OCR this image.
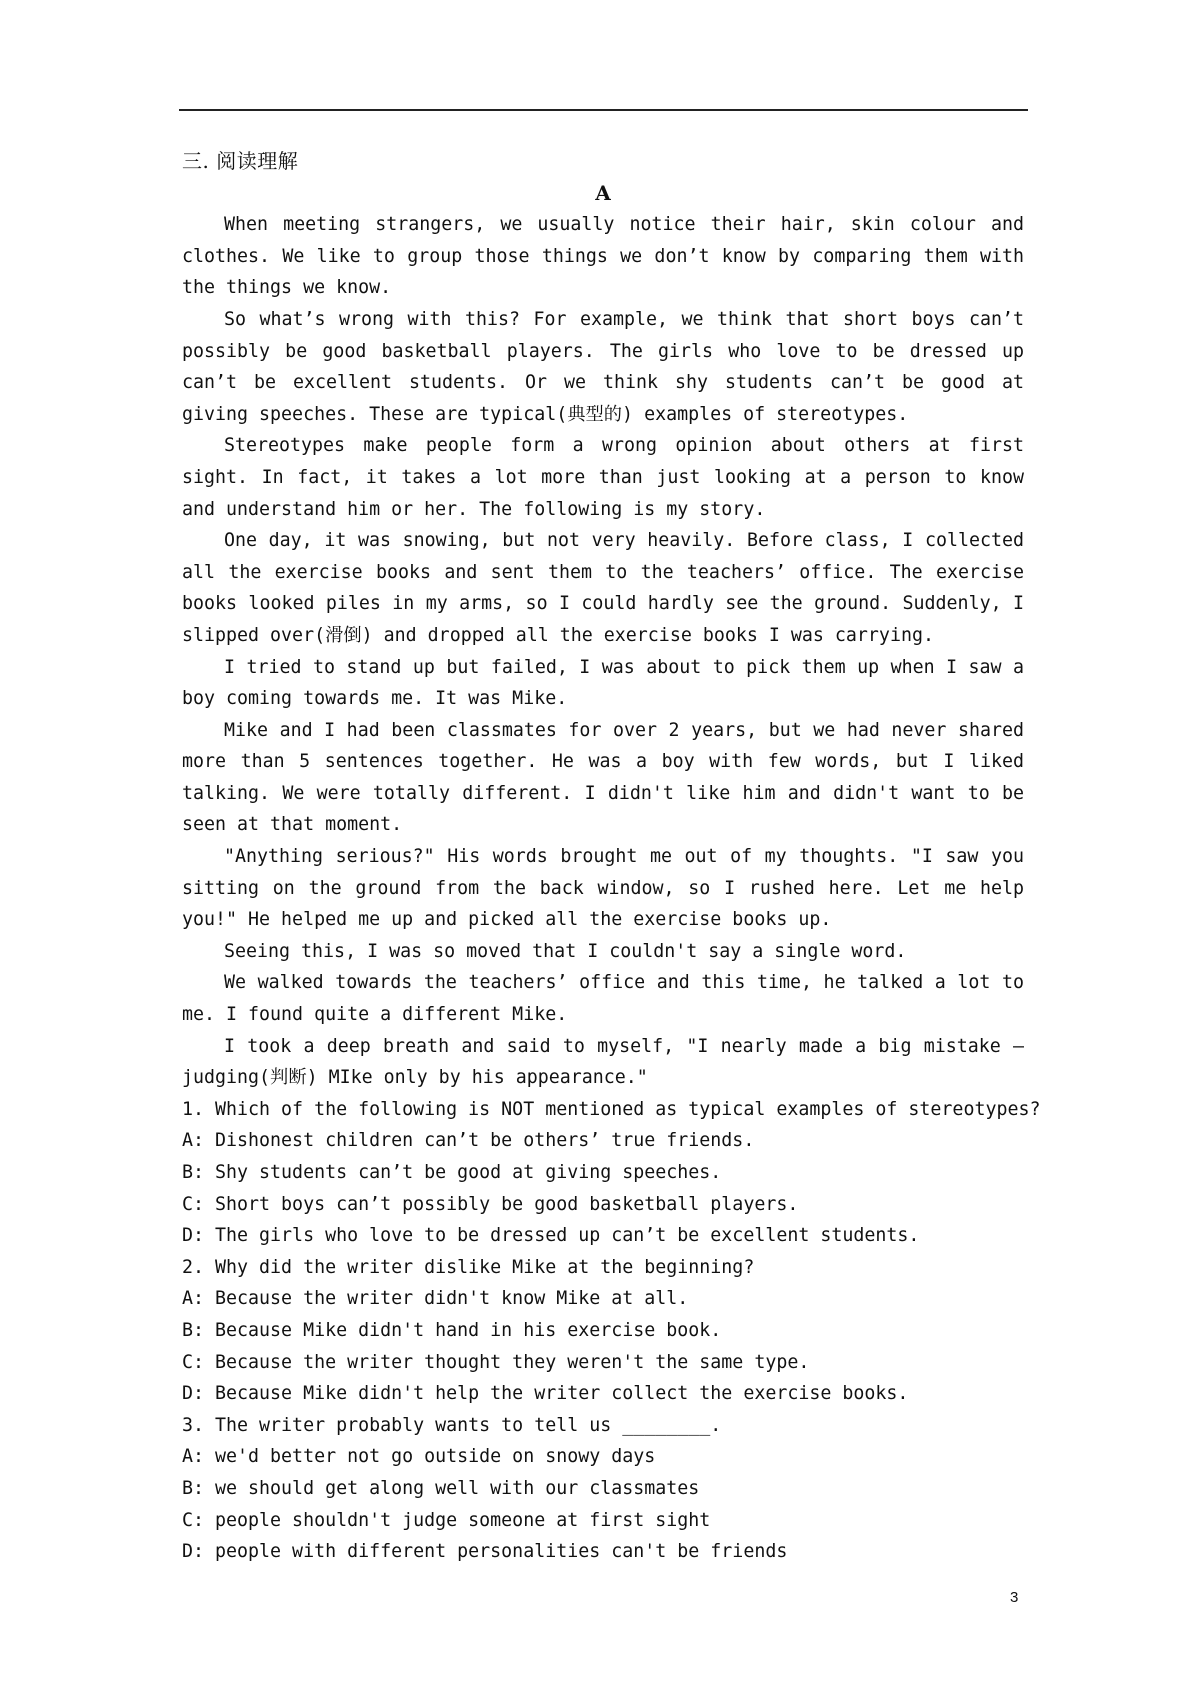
三. 阅读理解

A

When meeting strangers, we usually notice their hair, skin colour and clothes. We like to group those things we don’t know by comparing them with the things we know.

So what’s wrong with this? For example, we think that short boys can’t possibly be good basketball players. The girls who love to be dressed up can’t be excellent students. Or we think shy students can’t be good at giving speeches. These are typical(典型的) examples of stereotypes.

Stereotypes make people form a wrong opinion about others at first sight. In fact, it takes a lot more than just looking at a person to know and understand him or her. The following is my story.

One day, it was snowing, but not very heavily. Before class, I collected all the exercise books and sent them to the teachers’ office. The exercise books looked piles in my arms, so I could hardly see the ground. Suddenly, I slipped over(滑倒) and dropped all the exercise books I was carrying.

I tried to stand up but failed, I was about to pick them up when I saw a boy coming towards me. It was Mike.

Mike and I had been classmates for over 2 years, but we had never shared more than 5 sentences together. He was a boy with few words, but I liked talking. We were totally different. I didn't like him and didn't want to be seen at that moment.

"Anything serious?" His words brought me out of my thoughts. "I saw you sitting on the ground from the back window, so I rushed here. Let me help you!" He helped me up and picked all the exercise books up.

Seeing this, I was so moved that I couldn't say a single word.

We walked towards the teachers’ office and this time, he talked a lot to me. I found quite a different Mike.

I took a deep breath and said to myself, "I nearly made a big mistake — judging(判断) MIke only by his appearance."

1. Which of the following is NOT mentioned as typical examples of stereotypes?

A: Dishonest children can’t be others’ true friends.

B: Shy students can’t be good at giving speeches.

C: Short boys can’t possibly be good basketball players.

D: The girls who love to be dressed up can’t be excellent students.

2. Why did the writer dislike Mike at the beginning?

A: Because the writer didn't know Mike at all.

B: Because Mike didn't hand in his exercise book.

C: Because the writer thought they weren't the same type.

D: Because Mike didn't help the writer collect the exercise books.

3. The writer probably wants to tell us ________.

A: we'd better not go outside on snowy days

B: we should get along well with our classmates

C: people shouldn't judge someone at first sight

D: people with different personalities can't be friends

3
